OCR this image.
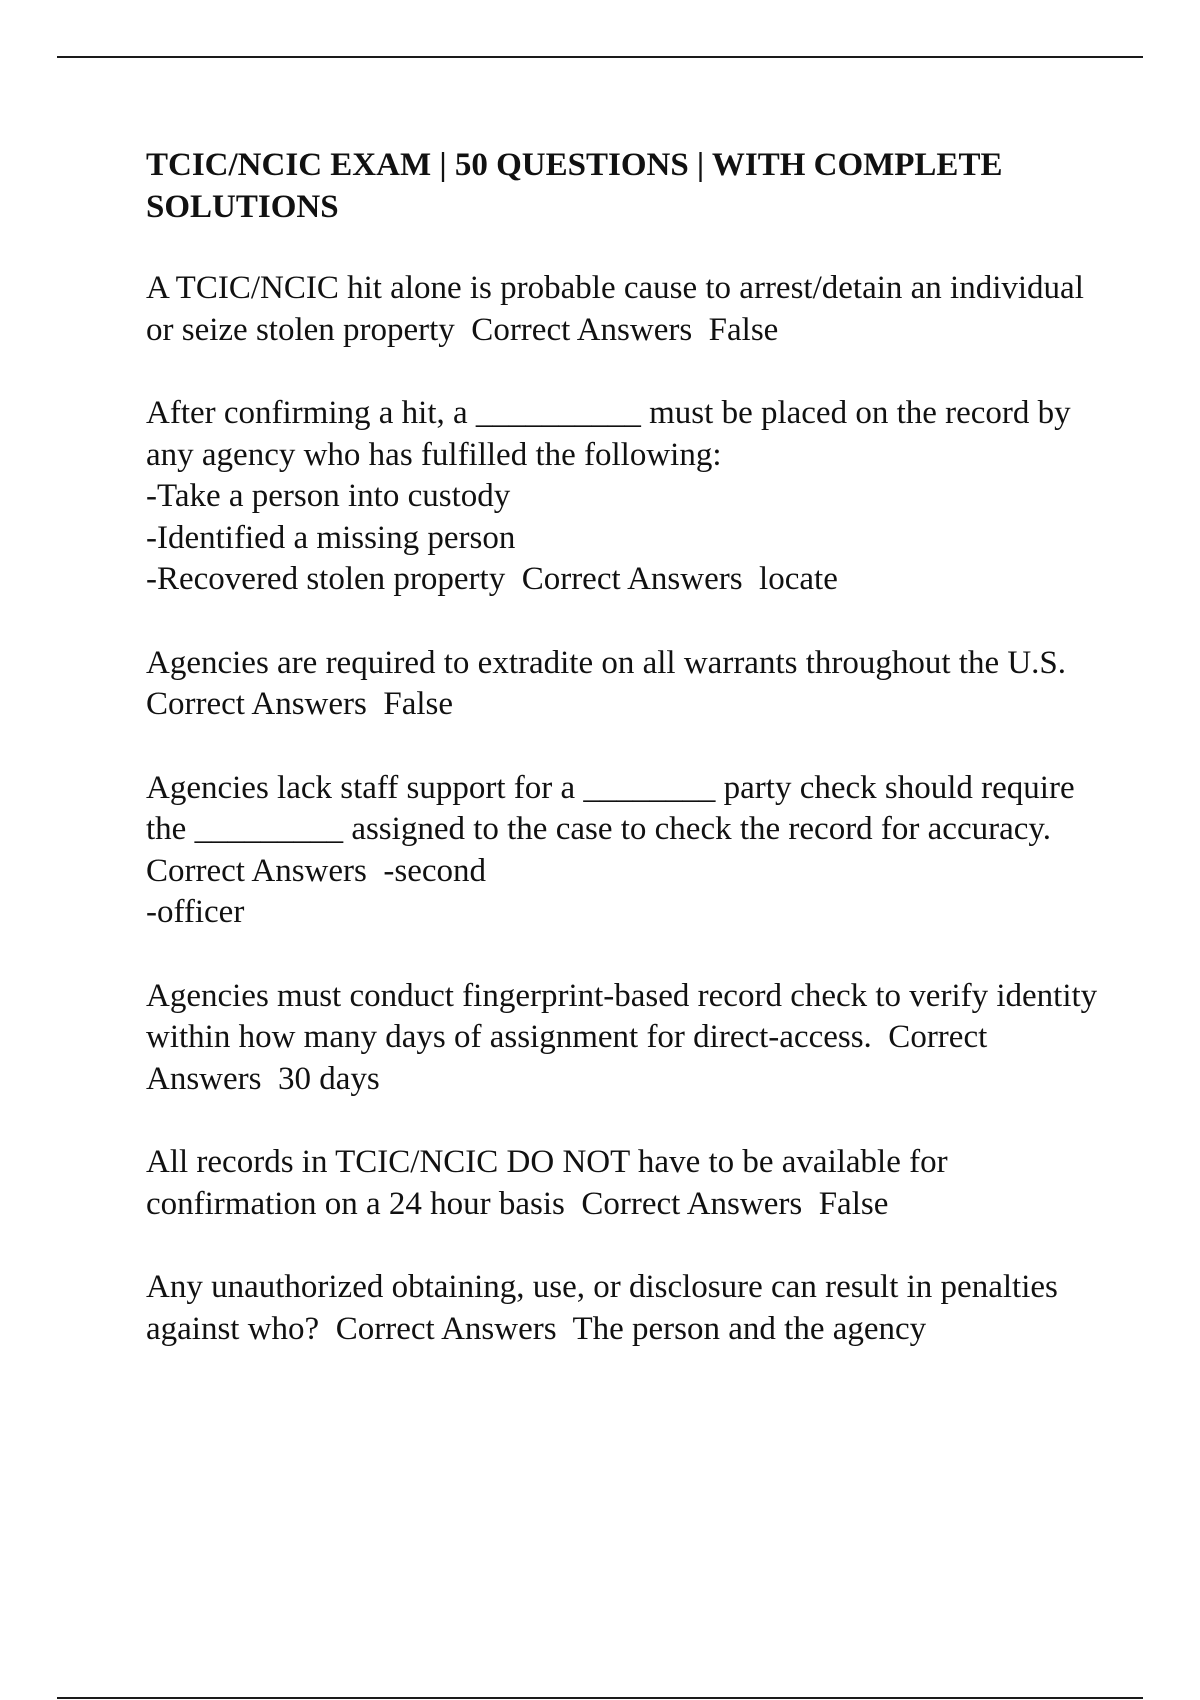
TCIC/NCIC EXAM | 50 QUESTIONS | WITH COMPLETE SOLUTIONS
A TCIC/NCIC hit alone is probable cause to arrest/detain an individual or seize stolen property  Correct Answers  False
After confirming a hit, a __________ must be placed on the record by any agency who has fulfilled the following:
-Take a person into custody
-Identified a missing person
-Recovered stolen property  Correct Answers  locate
Agencies are required to extradite on all warrants throughout the U.S.  Correct Answers  False
Agencies lack staff support for a ________ party check should require the _________ assigned to the case to check the record for accuracy.  Correct Answers  -second
-officer
Agencies must conduct fingerprint-based record check to verify identity within how many days of assignment for direct-access.  Correct Answers  30 days
All records in TCIC/NCIC DO NOT have to be available for confirmation on a 24 hour basis  Correct Answers  False
Any unauthorized obtaining, use, or disclosure can result in penalties against who?  Correct Answers  The person and the agency
